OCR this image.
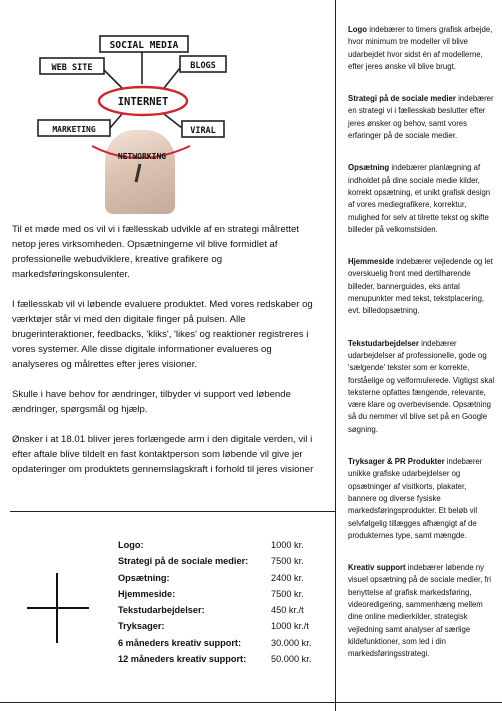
SOCIAL MEDIA
WEB SITE	BLOGS
INTERNET
MARKETING	VIRAL
NETWORKING

Til et møde med os vil vi i fællesskab udvikle af en strategi målrettet netop jeres virksomheden. Opsætningerne vil blive formidlet af professionelle webudviklere, kreative grafikere og markedsføringskonsulenter.

I fællesskab vil vi løbende evaluere produktet. Med vores redskaber og værktøjer står vi med den digitale finger på pulsen. Alle brugerinteraktioner, feedbacks, 'kliks', 'likes' og reaktioner registreres i vores systemer. Alle disse digitale informationer evalueres og analyseres og målrettes efter jeres visioner.

Skulle i have behov for ændringer, tilbyder vi support ved løbende ændringer, spørgsmål og hjælp.

Ønsker i at 18.01 bliver jeres forlængede arm i den digitale verden, vil i efter aftale blive tildelt en fast kontaktperson som løbende vil give jer opdateringer om produktets gennemslagskraft i forhold til jeres visioner

Logo:	1000 kr.
Strategi på de sociale medier: 7500 kr.
Opsætning:	2400 kr.
Hjemmeside:	7500 kr.
Tekstudarbejdelser:	450 kr./t
Tryksager:	1000 kr./t
6 måneders kreativ support:	30.000 kr.
12 måneders kreativ support:	50.000 kr.

Logo indebærer to timers grafisk arbejde, hvor minimum tre modeller vil blive udarbejdet hvor sidst én af modellerne, efter jeres ønske vil blive brugt.

Strategi på de sociale medier indebærer en strategi vi i fællesskab beslutter efter jeres ønsker og behov, samt vores erfaringer på de sociale medier.

Opsætning indebærer planlægning af indholdet på dine sociale medie kilder, korrekt opsætning, et unikt grafisk design af vores mediegrafikere, korrektur, mulighed for selv at tilrette tekst og skifte billeder på velkomstsiden.

Hjemmeside indebærer vejledende og let overskuelig front med dertilhørende billeder, bannerguides, eks antal menupunkter med tekst, tekstplacering, evt. billedopsætning.

Tekstudarbejdelser indebærer udarbejdelser af professionelle, gode og 'sælgende' tekster som er korrekte, forståelige og velformulerede. Vigtigst skal teksterne opfattes fængende, relevante, være klare og overbevisende. Opsætning så du nemmer vil blive set på en Google søgning.

Tryksager & PR Produkter indebærer unikke grafiske udarbejdelser og opsætninger af visitkorts, plakater, bannere og diverse fysiske markedsføringsprodukter. Et beløb vil selvfølgelig tillægges afhængigt af de produkternes type, samt mængde.

Kreativ support indebærer løbende ny visuel opsætning på de sociale medier, fri benyttelse af grafisk markedsføring, videoredigering, sammenhæng mellem dine online medierkilder, strategisk vejledning samt analyser af særlige kildefunktioner, som led i din markedsføringsstrategi.
